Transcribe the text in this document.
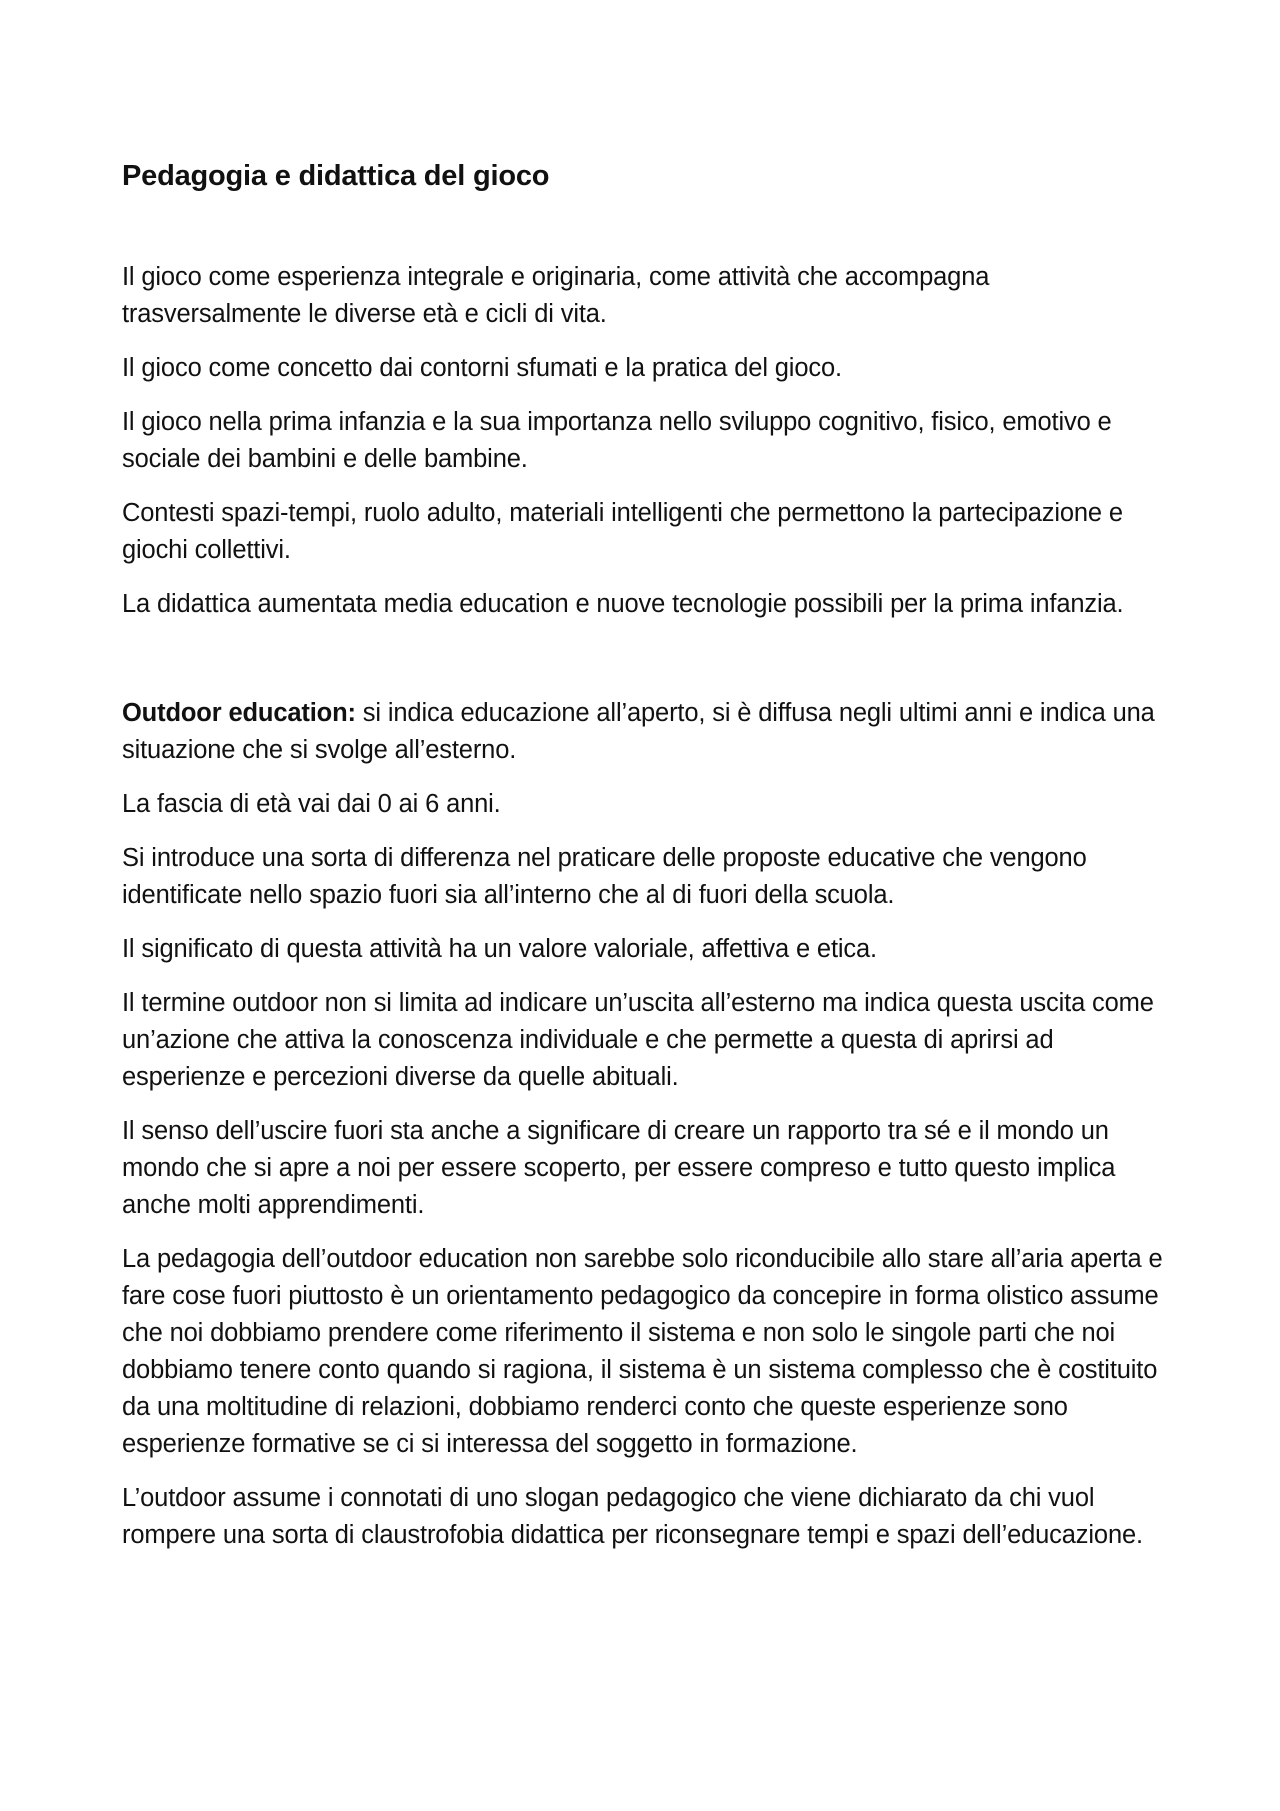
Pedagogia e didattica del gioco

Il gioco come esperienza integrale e originaria, come attività che accompagna trasversalmente le diverse età e cicli di vita.

Il gioco come concetto dai contorni sfumati e la pratica del gioco.

Il gioco nella prima infanzia e la sua importanza nello sviluppo cognitivo, fisico, emotivo e sociale dei bambini e delle bambine.

Contesti spazi-tempi, ruolo adulto, materiali intelligenti che permettono la partecipazione e giochi collettivi.

La didattica aumentata media education e nuove tecnologie possibili per la prima infanzia.

Outdoor education: si indica educazione all’aperto, si è diffusa negli ultimi anni e indica una situazione che si svolge all’esterno.

La fascia di età vai dai 0 ai 6 anni.

Si introduce una sorta di differenza nel praticare delle proposte educative che vengono identificate nello spazio fuori sia all’interno che al di fuori della scuola.

Il significato di questa attività ha un valore valoriale, affettiva e etica.

Il termine outdoor non si limita ad indicare un’uscita all’esterno ma indica questa uscita come un’azione che attiva la conoscenza individuale e che permette a questa di aprirsi ad esperienze e percezioni diverse da quelle abituali.

Il senso dell’uscire fuori sta anche a significare di creare un rapporto tra sé e il mondo un mondo che si apre a noi per essere scoperto, per essere compreso e tutto questo implica anche molti apprendimenti.

La pedagogia dell’outdoor education non sarebbe solo riconducibile allo stare all’aria aperta e fare cose fuori piuttosto è un orientamento pedagogico da concepire in forma olistico assume che noi dobbiamo prendere come riferimento il sistema e non solo le singole parti che noi dobbiamo tenere conto quando si ragiona, il sistema è un sistema complesso che è costituito da una moltitudine di relazioni, dobbiamo renderci conto che queste esperienze sono esperienze formative se ci si interessa del soggetto in formazione.

L’outdoor assume i connotati di uno slogan pedagogico che viene dichiarato da chi vuol rompere una sorta di claustrofobia didattica per riconsegnare tempi e spazi dell’educazione.
